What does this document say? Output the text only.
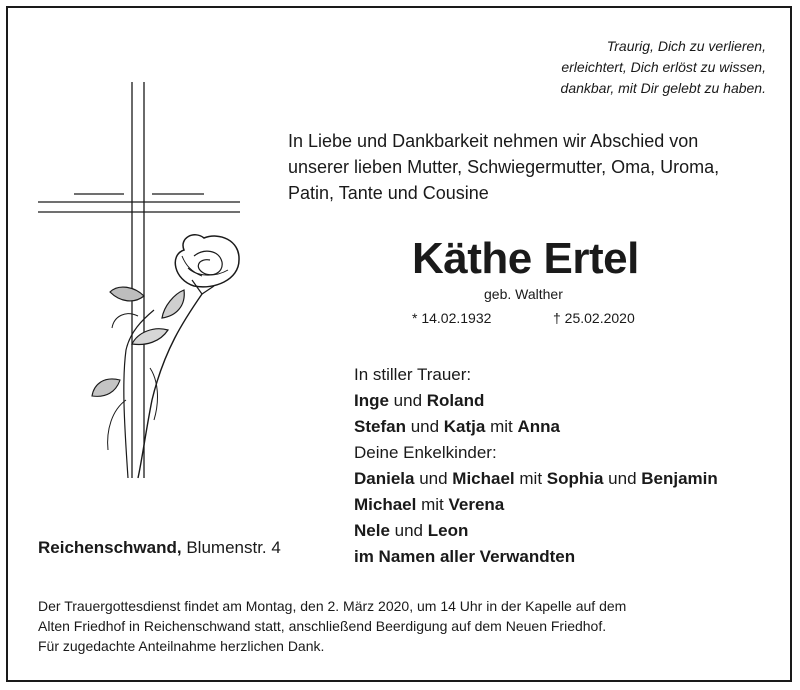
Traurig, Dich zu verlieren,
erleichtert, Dich erlöst zu wissen,
dankbar, mit Dir gelebt zu haben.
In Liebe und Dankbarkeit nehmen wir Abschied von
unserer lieben Mutter, Schwiegermutter, Oma, Uroma,
Patin, Tante und Cousine
Käthe Ertel
geb. Walther
* 14.02.1932	† 25.02.2020
In stiller Trauer:
Inge und Roland
Stefan und Katja mit Anna
Deine Enkelkinder:
Daniela und Michael mit Sophia und Benjamin
Michael mit Verena
Nele und Leon
im Namen aller Verwandten
Reichenschwand, Blumenstr. 4
Der Trauergottesdienst findet am Montag, den 2. März 2020, um 14 Uhr in der Kapelle auf dem
Alten Friedhof in Reichenschwand statt, anschließend Beerdigung auf dem Neuen Friedhof.
Für zugedachte Anteilnahme herzlichen Dank.
